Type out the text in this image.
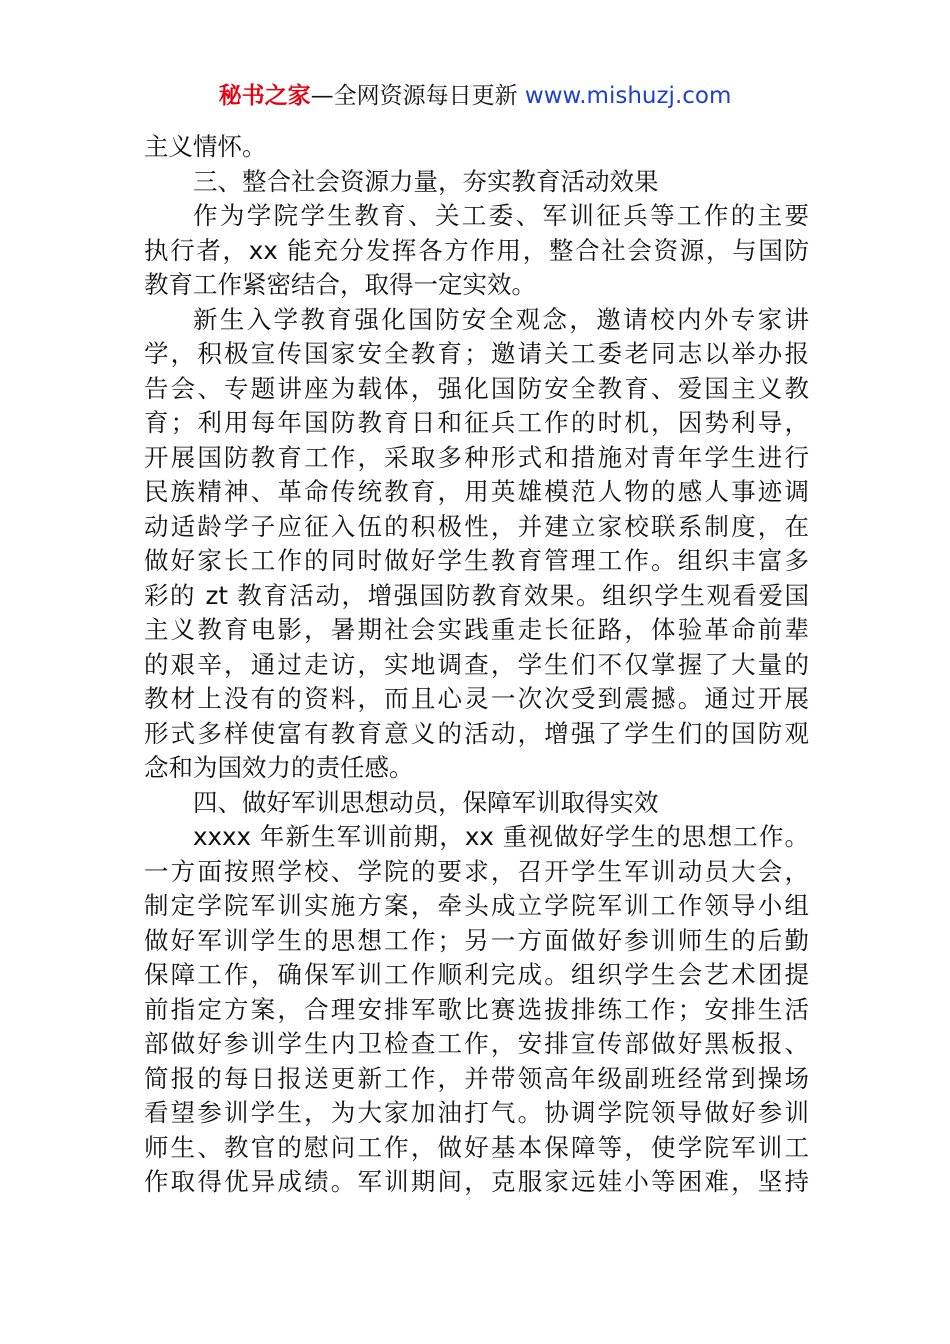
秘书之家—全网资源每日更新 www.mishuzj.com
主义情怀。
三、整合社会资源力量，夯实教育活动效果
作为学院学生教育、关工委、军训征兵等工作的主要
执行者，xx 能充分发挥各方作用，整合社会资源，与国防
教育工作紧密结合，取得一定实效。
新生入学教育强化国防安全观念，邀请校内外专家讲
学，积极宣传国家安全教育；邀请关工委老同志以举办报
告会、专题讲座为载体，强化国防安全教育、爱国主义教
育；利用每年国防教育日和征兵工作的时机，因势利导，
开展国防教育工作，采取多种形式和措施对青年学生进行
民族精神、革命传统教育，用英雄模范人物的感人事迹调
动适龄学子应征入伍的积极性，并建立家校联系制度，在
做好家长工作的同时做好学生教育管理工作。组织丰富多
彩的 zt 教育活动，增强国防教育效果。组织学生观看爱国
主义教育电影，暑期社会实践重走长征路，体验革命前辈
的艰辛，通过走访，实地调查，学生们不仅掌握了大量的
教材上没有的资料，而且心灵一次次受到震撼。通过开展
形式多样使富有教育意义的活动，增强了学生们的国防观
念和为国效力的责任感。
四、做好军训思想动员，保障军训取得实效
xxxx 年新生军训前期，xx 重视做好学生的思想工作。
一方面按照学校、学院的要求，召开学生军训动员大会，
制定学院军训实施方案，牵头成立学院军训工作领导小组
做好军训学生的思想工作；另一方面做好参训师生的后勤
保障工作，确保军训工作顺利完成。组织学生会艺术团提
前指定方案，合理安排军歌比赛选拔排练工作；安排生活
部做好参训学生内卫检查工作，安排宣传部做好黑板报、
简报的每日报送更新工作，并带领高年级副班经常到操场
看望参训学生，为大家加油打气。协调学院领导做好参训
师生、教官的慰问工作，做好基本保障等，使学院军训工
作取得优异成绩。军训期间，克服家远娃小等困难，坚持
